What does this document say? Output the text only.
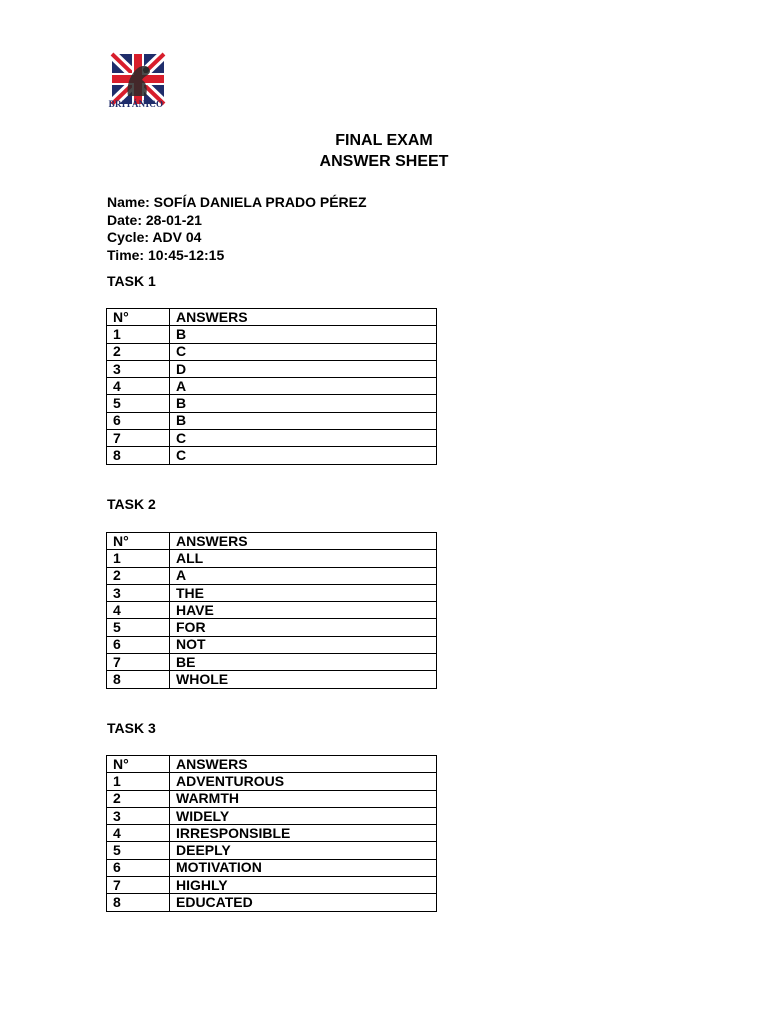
BRITÁNICO
FINAL EXAM
ANSWER SHEET
Name: SOFÍA DANIELA PRADO PÉREZ
Date: 28-01-21
Cycle: ADV 04
Time: 10:45-12:15
TASK 1
N°	ANSWERS
1	B
2	C
3	D
4	A
5	B
6	B
7	C
8	C
TASK 2
N°	ANSWERS
1	ALL
2	A
3	THE
4	HAVE
5	FOR
6	NOT
7	BE
8	WHOLE
TASK 3
N°	ANSWERS
1	ADVENTUROUS
2	WARMTH
3	WIDELY
4	IRRESPONSIBLE
5	DEEPLY
6	MOTIVATION
7	HIGHLY
8	EDUCATED
